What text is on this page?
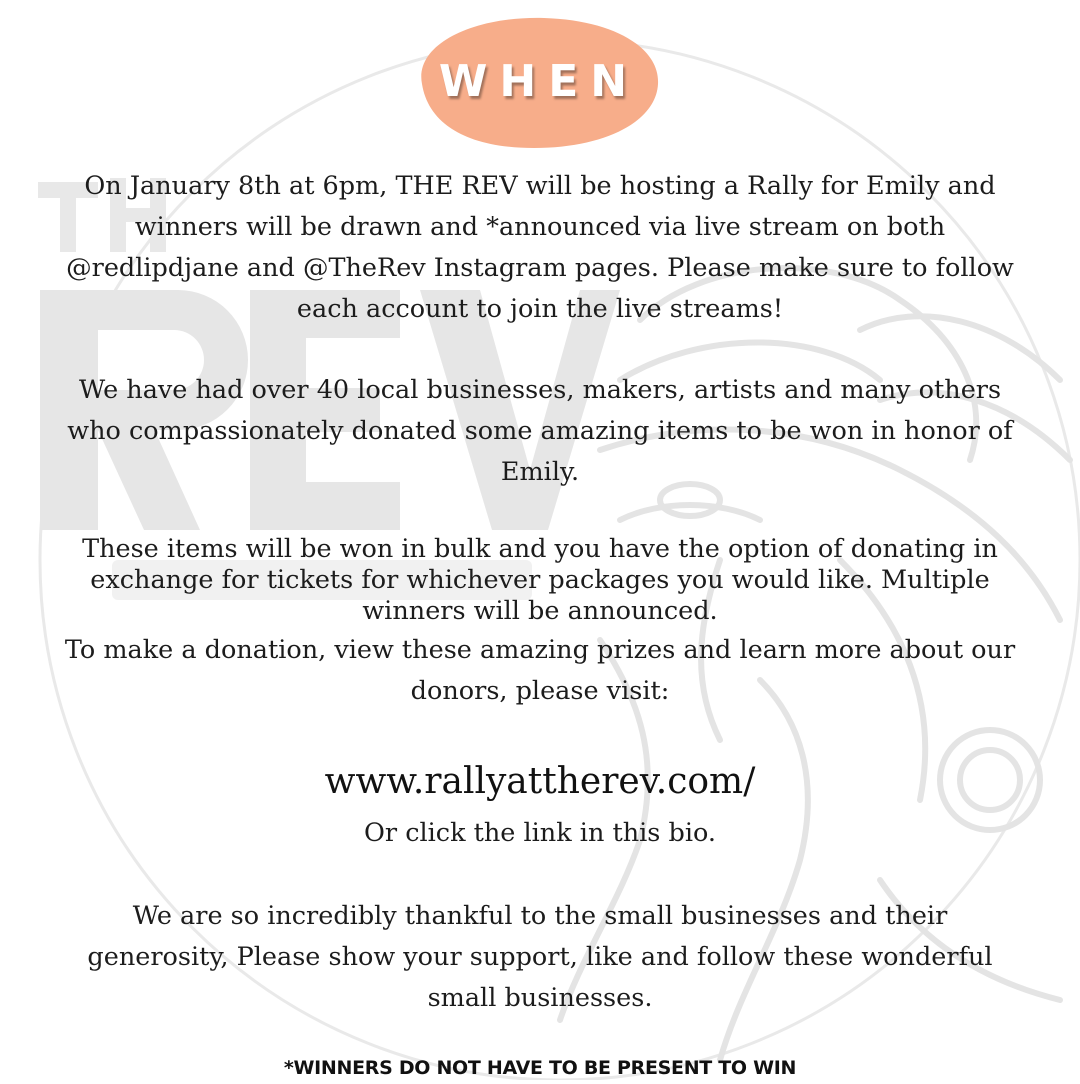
WHEN
On January 8th at 6pm, THE REV will be hosting a Rally for Emily and winners will be drawn and *announced via live stream on both @redlipdjane and @TheRev Instagram pages. Please make sure to follow each account to join the live streams!
We have had over 40 local businesses, makers, artists and many others who compassionately donated some amazing items to be won in honor of Emily.
These items will be won in bulk and you have the option of donating in exchange for tickets for whichever packages you would like. Multiple winners will be announced.
To make a donation, view these amazing prizes and learn more about our donors, please visit:
www.rallyattherev.com/
Or click the link in this bio.
We are so incredibly thankful to the small businesses and their generosity, Please show your support, like and follow these wonderful small businesses.
*WINNERS DO NOT HAVE TO BE PRESENT TO WIN
